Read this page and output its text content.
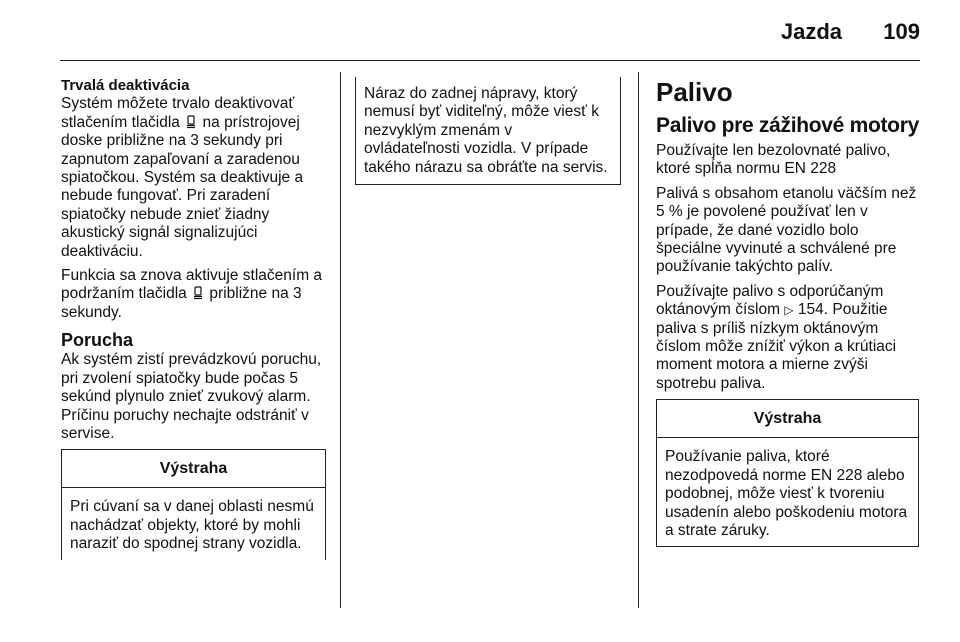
Jazda 109
Trvalá deaktivácia

Systém môžete trvalo deaktivovať stlačením tlačidla na prístrojovej doske približne na 3 sekundy pri zapnutom zapaľovaní a zaradenou spiatočkou. Systém sa deaktivuje a nebude fungovať. Pri zaradení spiatočky nebude znieť žiadny akustický signál signalizujúci deaktiváciu.

Funkcia sa znova aktivuje stlačením a podržaním tlačidla približne na 3 sekundy.

Porucha

Ak systém zistí prevádzkovú poruchu, pri zvolení spiatočky bude počas 5 sekúnd plynulo znieť zvukový alarm. Príčinu poruchy nechajte odstrániť v servise.

Výstraha
Pri cúvaní sa v danej oblasti nesmú nachádzať objekty, ktoré by mohli naraziť do spodnej strany vozidla.
Náraz do zadnej nápravy, ktorý nemusí byť viditeľný, môže viesť k nezvyklým zmenám v ovládateľnosti vozidla. V prípade takého nárazu sa obráťte na servis.
Palivo
Palivo pre zážihové motory

Používajte len bezolovnaté palivo, ktoré spĺňa normu EN 228

Palivá s obsahom etanolu väčším než 5 % je povolené používať len v prípade, že dané vozidlo bolo špeciálne vyvinuté a schválené pre používanie takýchto palív.

Používajte palivo s odporúčaným oktánovým číslom ▷ 154. Použitie paliva s príliš nízkym oktánovým číslom môže znížiť výkon a krútiaci moment motora a mierne zvýši spotrebu paliva.

Výstraha
Používanie paliva, ktoré nezodpovedá norme EN 228 alebo podobnej, môže viesť k tvoreniu usadenín alebo poškodeniu motora a strate záruky.
